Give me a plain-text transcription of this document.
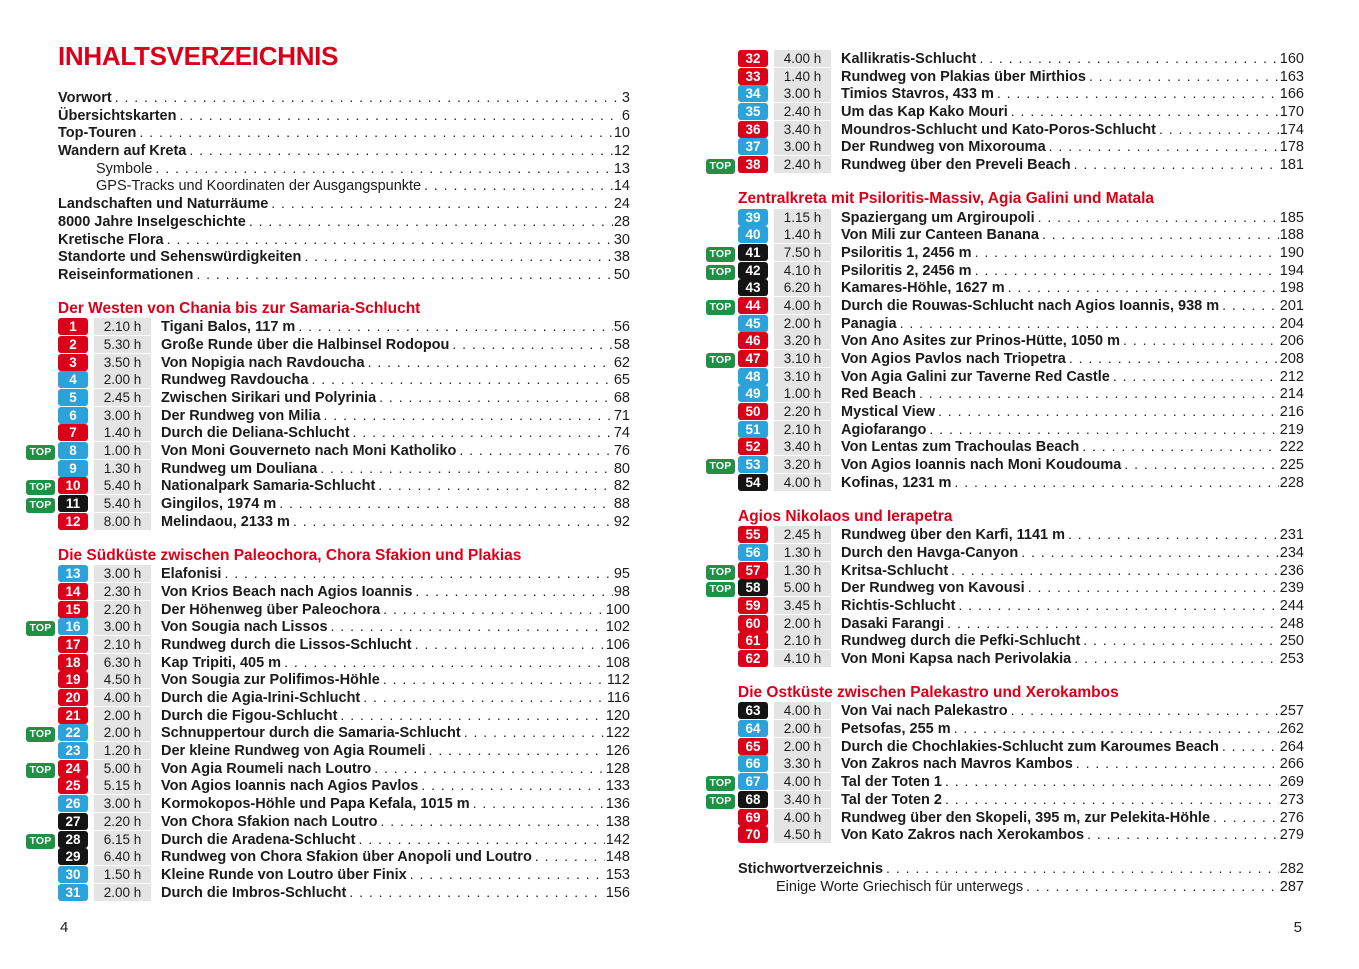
INHALTSVERZEICHNIS
Vorwort . . .	3
Übersichtskarten . . .	6
Top-Touren . . .	10
Wandern auf Kreta . . .	12
Symbole . . .	13
GPS-Tracks und Koordinaten der Ausgangspunkte . . .	14
Landschaften und Naturräume . . .	24
8000 Jahre Inselgeschichte . . .	28
Kretische Flora . . .	30
Standorte und Sehenswürdigkeiten . . .	38
Reiseinformationen . . .	50
Der Westen von Chania bis zur Samaria-Schlucht
1	2.10 h	Tigani Balos, 117 m . . .	56
2	5.30 h	Große Runde über die Halbinsel Rodopou . . .	58
3	3.50 h	Von Nopigia nach Ravdoucha . . .	62
4	2.00 h	Rundweg Ravdoucha . . .	65
5	2.45 h	Zwischen Sirikari und Polyrinia . . .	68
6	3.00 h	Der Rundweg von Milia . . .	71
7	1.40 h	Durch die Deliana-Schlucht . . .	74
TOP	8	1.00 h	Von Moni Gouverneto nach Moni Katholiko . . .	76
9	1.30 h	Rundweg um Douliana . . .	80
TOP	10	5.40 h	Nationalpark Samaria-Schlucht . . .	82
TOP	11	5.40 h	Gingilos, 1974 m . . .	88
12	8.00 h	Melindaou, 2133 m . . .	92
Die Südküste zwischen Paleochora, Chora Sfakion und Plakias
13	3.00 h	Elafonisi . . .	95
14	2.30 h	Von Krios Beach nach Agios Ioannis . . .	98
15	2.20 h	Der Höhenweg über Paleochora . . .	100
TOP	16	3.00 h	Von Sougia nach Lissos . . .	102
17	2.10 h	Rundweg durch die Lissos-Schlucht . . .	106
18	6.30 h	Kap Tripiti, 405 m . . .	108
19	4.50 h	Von Sougia zur Polifimos-Höhle . . .	112
20	4.00 h	Durch die Agia-Irini-Schlucht . . .	116
21	2.00 h	Durch die Figou-Schlucht . . .	120
TOP	22	2.00 h	Schnuppertour durch die Samaria-Schlucht . . .	122
23	1.20 h	Der kleine Rundweg von Agia Roumeli . . .	126
TOP	24	5.00 h	Von Agia Roumeli nach Loutro . . .	128
25	5.15 h	Von Agios Ioannis nach Agios Pavlos . . .	133
26	3.00 h	Kormokopos-Höhle und Papa Kefala, 1015 m . . .	136
27	2.20 h	Von Chora Sfakion nach Loutro . . .	138
TOP	28	6.15 h	Durch die Aradena-Schlucht . . .	142
29	6.40 h	Rundweg von Chora Sfakion über Anopoli und Loutro . . .	148
30	1.50 h	Kleine Runde von Loutro über Finix . . .	153
31	2.00 h	Durch die Imbros-Schlucht . . .	156
32	4.00 h	Kallikratis-Schlucht . . .	160
33	1.40 h	Rundweg von Plakias über Mirthios . . .	163
34	3.00 h	Timios Stavros, 433 m . . .	166
35	2.40 h	Um das Kap Kako Mouri . . .	170
36	3.40 h	Moundros-Schlucht und Kato-Poros-Schlucht . . .	174
37	3.00 h	Der Rundweg von Mixorouma . . .	178
TOP	38	2.40 h	Rundweg über den Preveli Beach . . .	181
Zentralkreta mit Psiloritis-Massiv, Agia Galini und Matala
39	1.15 h	Spaziergang um Argiroupoli . . .	185
40	1.40 h	Von Mili zur Canteen Banana . . .	188
TOP	41	7.50 h	Psiloritis 1, 2456 m . . .	190
TOP	42	4.10 h	Psiloritis 2, 2456 m . . .	194
43	6.20 h	Kamares-Höhle, 1627 m . . .	198
TOP	44	4.00 h	Durch die Rouwas-Schlucht nach Agios Ioannis, 938 m . . .	201
45	2.00 h	Panagia . . .	204
46	3.20 h	Von Ano Asites zur Prinos-Hütte, 1050 m . . .	206
TOP	47	3.10 h	Von Agios Pavlos nach Triopetra . . .	208
48	3.10 h	Von Agia Galini zur Taverne Red Castle . . .	212
49	1.00 h	Red Beach . . .	214
50	2.20 h	Mystical View . . .	216
51	2.10 h	Agiofarango . . .	219
52	3.40 h	Von Lentas zum Trachoulas Beach . . .	222
TOP	53	3.20 h	Von Agios Ioannis nach Moni Koudouma . . .	225
54	4.00 h	Kofinas, 1231 m . . .	228
Agios Nikolaos und Ierapetra
55	2.45 h	Rundweg über den Karfi, 1141 m . . .	231
56	1.30 h	Durch den Havga-Canyon . . .	234
TOP	57	1.30 h	Kritsa-Schlucht . . .	236
TOP	58	5.00 h	Der Rundweg von Kavousi . . .	239
59	3.45 h	Richtis-Schlucht . . .	244
60	2.00 h	Dasaki Farangi . . .	248
61	2.10 h	Rundweg durch die Pefki-Schlucht . . .	250
62	4.10 h	Von Moni Kapsa nach Perivolakia . . .	253
Die Ostküste zwischen Palekastro und Xerokambos
63	4.00 h	Von Vai nach Palekastro . . .	257
64	2.00 h	Petsofas, 255 m . . .	262
65	2.00 h	Durch die Chochlakies-Schlucht zum Karoumes Beach . . .	264
66	3.30 h	Von Zakros nach Mavros Kambos . . .	266
TOP	67	4.00 h	Tal der Toten 1 . . .	269
TOP	68	3.40 h	Tal der Toten 2 . . .	273
69	4.00 h	Rundweg über den Skopeli, 395 m, zur Pelekita-Höhle . . .	276
70	4.50 h	Von Kato Zakros nach Xerokambos . . .	279
Stichwortverzeichnis . . .	282
Einige Worte Griechisch für unterwegs . . .	287
4	5
